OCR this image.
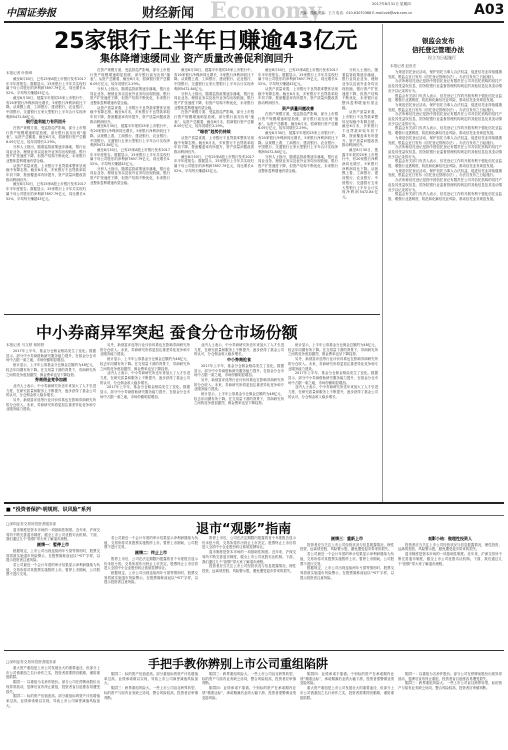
中国证券报	财经新闻 Economy	2017年8月31日 星期四
责编：殷鹏 美编：王力 电话：010-63070368 E-mail:zzb@zzb.com.cn	A03
25家银行上半年日赚逾43亿元
集体降增速缓同业 资产质量改善促利润回升
本报记者 叶斯琦

截至8月30日，已有25家A股上市银行发布2017年半年度报告。数据显示，25家银行上半年共实现归属于母公司股东的净利润7897.79亿元，同比增长4.52%，平均每天赚超43亿元。

截至8月30日，披露半年报的25家上市银行中，有20家银行净利润同比增长，5家银行净利润同比下降。从规模上看，工商银行、建设银行、农业银行、中国银行、交通银行五家大型银行上半年合计实现净利润5472.84亿元。

银行盈利能力有所回升

在资产规模方面，受监管趋严影响，部分上市银行资产规模增速明显放缓，部分银行甚至出现“缩表”。从资产总额看，截至6月末，招商银行资产总额6.09万亿元，较年初增长2.29%。

分析人士指出，随着监管政策逐步落地，银行业同业业务、理财业务以及表外业务均出现收缩，银行资产扩张速度下降，但资产结构不断优化，未来银行业整体盈利增速有望企稳。

从资产质量来看，上市银行不良贷款率整体呈现稳中有降态势。截至6月末，多家银行不良贷款率较年初下降，拨备覆盖率有所提升，资产质量问题改善推动利润回升。

截至8月30日，已有25家A股上市银行发布2017年半年度报告。数据显示，25家银行上半年共实现归属于母公司股东的净利润7897.79亿元，同比增长4.52%，平均每天赚超43亿元。

在资产规模方面，受监管趋严影响，部分上市银行资产规模增速明显放缓，部分银行甚至出现“缩表”。从资产总额看，截至6月末，招商银行资产总额6.09万亿元，较年初增长2.29%。

分析人士指出，随着监管政策逐步落地，银行业同业业务、理财业务以及表外业务均出现收缩，银行资产扩张速度下降，但资产结构不断优化，未来银行业整体盈利增速有望企稳。

从资产质量来看，上市银行不良贷款率整体呈现稳中有降态势。截至6月末，多家银行不良贷款率较年初下降，拨备覆盖率有所提升，资产质量问题改善推动利润回升。

截至8月30日，披露半年报的25家上市银行中，有20家银行净利润同比增长，5家银行净利润同比下降。从规模上看，工商银行、建设银行、农业银行、中国银行、交通银行五家大型银行上半年合计实现净利润5472.84亿元。

截至8月30日，已有25家A股上市银行发布2017年半年度报告。数据显示，25家银行上半年共实现归属于母公司股东的净利润7897.79亿元，同比增长4.52%，平均每天赚超43亿元。

分析人士指出，随着监管政策逐步落地，银行业同业业务、理财业务以及表外业务均出现收缩，银行资产扩张速度下降，但资产结构不断优化，未来银行业整体盈利增速有望企稳。

截至8月30日，披露半年报的25家上市银行中，有20家银行净利润同比增长，5家银行净利润同比下降。从规模上看，工商银行、建设银行、农业银行、中国银行、交通银行五家大型银行上半年合计实现净利润5472.84亿元。

分析人士指出，随着监管政策逐步落地，银行业同业业务、理财业务以及表外业务均出现收缩，银行资产扩张速度下降，但资产结构不断优化，未来银行业整体盈利增速有望企稳。

在资产规模方面，受监管趋严影响，部分上市银行资产规模增速明显放缓，部分银行甚至出现“缩表”。从资产总额看，截至6月末，招商银行资产总额6.09万亿元，较年初增长2.29%。

“缩表”趋势仍持续

从资产质量来看，上市银行不良贷款率整体呈现稳中有降态势。截至6月末，多家银行不良贷款率较年初下降，拨备覆盖率有所提升，资产质量问题改善推动利润回升。

截至8月30日，已有25家A股上市银行发布2017年半年度报告。数据显示，25家银行上半年共实现归属于母公司股东的净利润7897.79亿元，同比增长4.52%，平均每天赚超43亿元。

截至8月30日，已有25家A股上市银行发布2017年半年度报告。数据显示，25家银行上半年共实现归属于母公司股东的净利润7897.79亿元，同比增长4.52%，平均每天赚超43亿元。

从资产质量来看，上市银行不良贷款率整体呈现稳中有降态势。截至6月末，多家银行不良贷款率较年初下降，拨备覆盖率有所提升，资产质量问题改善推动利润回升。

资产质量问题改善

在资产规模方面，受监管趋严影响，部分上市银行资产规模增速明显放缓，部分银行甚至出现“缩表”。从资产总额看，截至6月末，招商银行资产总额6.09万亿元，较年初增长2.29%。

截至8月30日，披露半年报的25家上市银行中，有20家银行净利润同比增长，5家银行净利润同比下降。从规模上看，工商银行、建设银行、农业银行、中国银行、交通银行五家大型银行上半年合计实现净利润5472.84亿元。

分析人士指出，随着监管政策逐步落地，银行业同业业务、理财业务以及表外业务均出现收缩，银行资产扩张速度下降，但资产结构不断优化，未来银行业整体盈利增速有望企稳。

分析人士指出，随着监管政策逐步落地，银行业同业业务、理财业务以及表外业务均出现收缩，银行资产扩张速度下降，但资产结构不断优化，未来银行业整体盈利增速有望企稳。

从资产质量来看，上市银行不良贷款率整体呈现稳中有降态势。截至6月末，多家银行不良贷款率较年初下降，拨备覆盖率有所提升，资产质量问题改善推动利润回升。

截至8月30日，披露半年报的25家上市银行中，有20家银行净利润同比增长，5家银行净利润同比下降。从规模上看，工商银行、建设银行、农业银行、中国银行、交通银行五家大型银行上半年合计实现净利润5472.84亿元。

银监会发布
信托登记管理办法
设立为日起施行
本报记者 赵世宏

为规范信托登记活动，保护信托当事人合法权益，促进信托业持续健康发展，银监会近日发布《信托登记管理办法》。办法自发布之日起施行。

办法所称信托登记是指中国信托登记有限责任公司对信托机构的信托产品及其受益权信息、国务院银行业监督管理机构规定的其他信息及其变动情况予以记录的行为。

银监会有关部门负责人表示，信托登记工作的开展有利于强化信托业监管，增强行业透明度，防范和化解信托业风险，推动信托业务规范发展。

为规范信托登记活动，保护信托当事人合法权益，促进信托业持续健康发展，银监会近日发布《信托登记管理办法》。办法自发布之日起施行。

办法所称信托登记是指中国信托登记有限责任公司对信托机构的信托产品及其受益权信息、国务院银行业监督管理机构规定的其他信息及其变动情况予以记录的行为。

银监会有关部门负责人表示，信托登记工作的开展有利于强化信托业监管，增强行业透明度，防范和化解信托业风险，推动信托业务规范发展。

为规范信托登记活动，保护信托当事人合法权益，促进信托业持续健康发展，银监会近日发布《信托登记管理办法》。办法自发布之日起施行。

办法所称信托登记是指中国信托登记有限责任公司对信托机构的信托产品及其受益权信息、国务院银行业监督管理机构规定的其他信息及其变动情况予以记录的行为。

银监会有关部门负责人表示，信托登记工作的开展有利于强化信托业监管，增强行业透明度，防范和化解信托业风险，推动信托业务规范发展。

为规范信托登记活动，保护信托当事人合法权益，促进信托业持续健康发展，银监会近日发布《信托登记管理办法》。办法自发布之日起施行。

办法所称信托登记是指中国信托登记有限责任公司对信托机构的信托产品及其受益权信息、国务院银行业监督管理机构规定的其他信息及其变动情况予以记录的行为。

银监会有关部门负责人表示，信托登记工作的开展有利于强化信托业监管，增强行业透明度，防范和化解信托业风险，推动信托业务规范发展。

中小券商异军突起 蚕食分仓市场份额
本报记者 马文婷 林婷婷

2017年上半年，基金分仓佣金格局发生了变化。数据显示，部分中小券商借助研究服务能力提升，在基金分仓市场中占据一席之地，市场份额明显增加。

统计显示，上半年公募基金分仓佣金总额约为48亿元，较去年同期有所下降。在交易量下滑的背景下，券商研究所之间的竞争愈加激烈，佣金费率也呈下降趋势。

券商佣金竞争加剧

业内人士表示，中小券商研究所近年来加大了人才引进力度，在研究质量和服务上不断提升，逐步获得了基金公司的认可，分仓佣金收入稳步增长。

另外，新财富评选等行业评价体系也在影响券商研究所的分仓收入。未来，券商研究所将更加注重差异化竞争和专业服务能力建设。

另外，新财富评选等行业评价体系也在影响券商研究所的分仓收入。未来，券商研究所将更加注重差异化竞争和专业服务能力建设。

统计显示，上半年公募基金分仓佣金总额约为48亿元，较去年同期有所下降。在交易量下滑的背景下，券商研究所之间的竞争愈加激烈，佣金费率也呈下降趋势。

业内人士表示，中小券商研究所近年来加大了人才引进力度，在研究质量和服务上不断提升，逐步获得了基金公司的认可，分仓佣金收入稳步增长。

2017年上半年，基金分仓佣金格局发生了变化。数据显示，部分中小券商借助研究服务能力提升，在基金分仓市场中占据一席之地，市场份额明显增加。

业内人士表示，中小券商研究所近年来加大了人才引进力度，在研究质量和服务上不断提升，逐步获得了基金公司的认可，分仓佣金收入稳步增长。

中小券商抢食

2017年上半年，基金分仓佣金格局发生了变化。数据显示，部分中小券商借助研究服务能力提升，在基金分仓市场中占据一席之地，市场份额明显增加。

另外，新财富评选等行业评价体系也在影响券商研究所的分仓收入。未来，券商研究所将更加注重差异化竞争和专业服务能力建设。

统计显示，上半年公募基金分仓佣金总额约为48亿元，较去年同期有所下降。在交易量下滑的背景下，券商研究所之间的竞争愈加激烈，佣金费率也呈下降趋势。

统计显示，上半年公募基金分仓佣金总额约为48亿元，较去年同期有所下降。在交易量下滑的背景下，券商研究所之间的竞争愈加激烈，佣金费率也呈下降趋势。

另外，新财富评选等行业评价体系也在影响券商研究所的分仓收入。未来，券商研究所将更加注重差异化竞争和专业服务能力建设。

2017年上半年，基金分仓佣金格局发生了变化。数据显示，部分中小券商借助研究服务能力提升，在基金分仓市场中占据一席之地，市场份额明显增加。

业内人士表示，中小券商研究所近年来加大了人才引进力度，在研究质量和服务上不断提升，逐步获得了基金公司的认可，分仓佣金收入稳步增长。

■ “投资者保护·明规则、识风险”系列
退市“观影”指南
□深圳证券交易所投资者服务部

退市制度是资本市场的一项基础性制度。近年来，沪深交易所不断完善退市制度，健全上市公司优胜劣汰机制。下面，我们通过几个“剧情”带大家了解退市流程。

剧情一：暂停上市

根据规定，上市公司出现连续两年亏损等情形时，股票交易将被实施退市风险警示，在股票简称前冠以“*ST”字样，以提示投资者注意风险。

若公司最近一个会计年度的审计结果显示净利润继续为负值，交易所将对其股票实施暂停上市。暂停上市期间，公司股票不进行交易。

若公司最近一个会计年度的审计结果显示净利润继续为负值，交易所将对其股票实施暂停上市。暂停上市期间，公司股票不进行交易。

剧情二：终止上市

暂停上市后，公司在法定期限内披露的首个年度报告显示仍未扭亏的，交易所将作出终止上市决定。股票终止上市后将进入全国中小企业股份转让系统挂牌转让。

根据规定，上市公司出现连续两年亏损等情形时，股票交易将被实施退市风险警示，在股票简称前冠以“*ST”字样，以提示投资者注意风险。

暂停上市后，公司在法定期限内披露的首个年度报告显示仍未扭亏的，交易所将作出终止上市决定。股票终止上市后将进入全国中小企业股份转让系统挂牌转让。

退市制度是资本市场的一项基础性制度。近年来，沪深交易所不断完善退市制度，健全上市公司优胜劣汰机制。下面，我们通过几个“剧情”带大家了解退市流程。

投资者应当关注上市公司经营状况与信息披露情况，理性投资，远离绩差股、风险警示股，避免遭受退市带来的损失。

剧情三：重新上市

投资者应当关注上市公司经营状况与信息披露情况，理性投资，远离绩差股、风险警示股，避免遭受退市带来的损失。

若公司最近一个会计年度的审计结果显示净利润继续为负值，交易所将对其股票实施暂停上市。暂停上市期间，公司股票不进行交易。

根据规定，上市公司出现连续两年亏损等情形时，股票交易将被实施退市风险警示，在股票简称前冠以“*ST”字样，以提示投资者注意风险。

观影小结：做理性投资人

投资者应当关注上市公司经营状况与信息披露情况，理性投资，远离绩差股、风险警示股，避免遭受退市带来的损失。

退市制度是资本市场的一项基础性制度。近年来，沪深交易所不断完善退市制度，健全上市公司优胜劣汰机制。下面，我们通过几个“剧情”带大家了解退市流程。

手把手教你辨别上市公司重组陷阱
□深圳证券交易所投资者服务部

重大资产重组是上市公司发展壮大的重要途径，但部分上市公司借重组之名行炒作之实，投资者需要擦亮眼睛，谨防重组陷阱。

陷阱一：以重组为名炒作股价。部分公司在停牌前股价出现异常波动，复牌后宣布终止重组，投资者盲目追涨容易遭受损失。

陷阱二：标的资产估值虚高。部分重组标的资产评估增值率过高，业绩承诺难以实现，导致上市公司商誉减值风险加大。

陷阱二：标的资产估值虚高。部分重组标的资产评估增值率过高，业绩承诺难以实现，导致上市公司商誉减值风险加大。

陷阱三：跨界重组风险大。一些上市公司盲目跨界转型，标的资产与原有业务缺乏协同，整合风险较高，投资者应审慎判断。

陷阱三：跨界重组风险大。一些上市公司盲目跨界转型，标的资产与原有业务缺乏协同，整合风险较高，投资者应审慎判断。

陷阱四：业绩承诺不靠谱。个别标的资产在承诺期内业绩“精准达标”，承诺期满后业绩大幅下滑，投资者需警惕业绩变脸风险。

陷阱四：业绩承诺不靠谱。个别标的资产在承诺期内业绩“精准达标”，承诺期满后业绩大幅下滑，投资者需警惕业绩变脸风险。

重大资产重组是上市公司发展壮大的重要途径，但部分上市公司借重组之名行炒作之实，投资者需要擦亮眼睛，谨防重组陷阱。

陷阱一：以重组为名炒作股价。部分公司在停牌前股价出现异常波动，复牌后宣布终止重组，投资者盲目追涨容易遭受损失。

陷阱三：跨界重组风险大。一些上市公司盲目跨界转型，标的资产与原有业务缺乏协同，整合风险较高，投资者应审慎判断。
